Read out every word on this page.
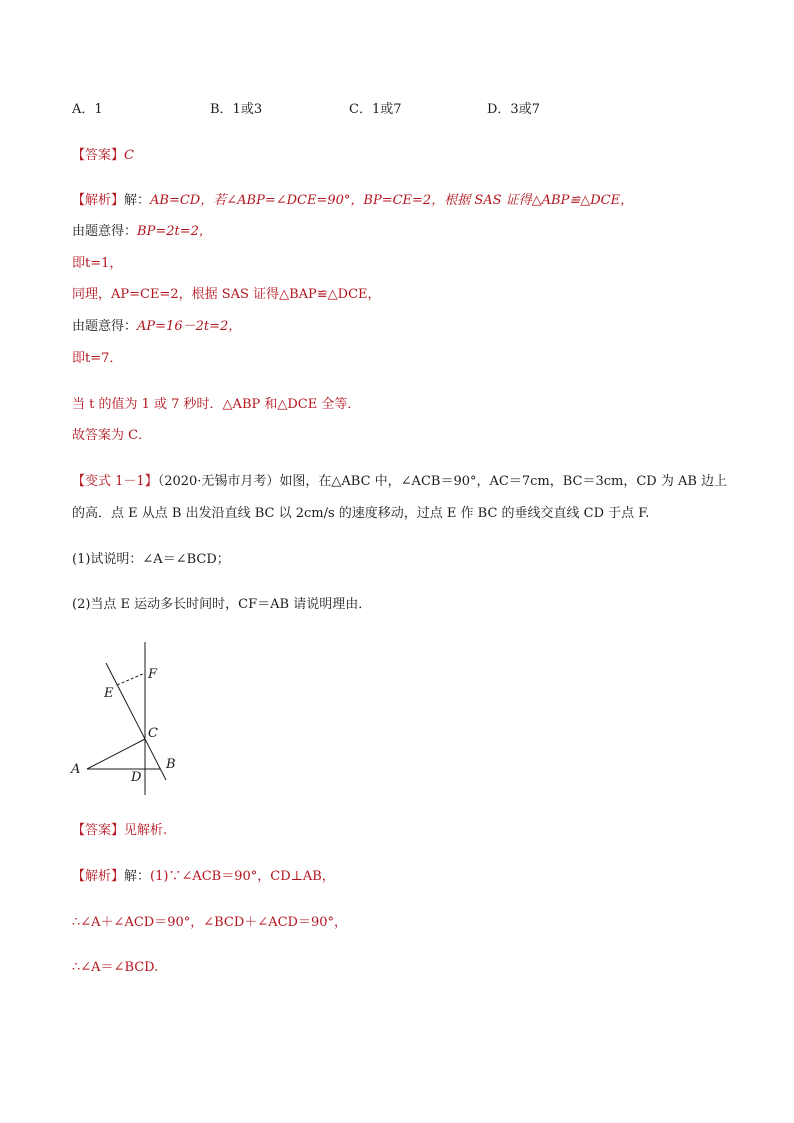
A．1	B．1或3	C．1或7	D．3或7
【答案】C
【解析】解：AB=CD，若∠ABP=∠DCE=90°，BP=CE=2，根据 SAS 证得△ABP≌△DCE，
由题意得：BP=2t=2，
即t=1，
同理，AP=CE=2，根据 SAS 证得△BAP≌△DCE，
由题意得：AP=16－2t=2，
即t=7．
当 t 的值为 1 或 7 秒时．△ABP 和△DCE 全等．
故答案为 C．
【变式 1－1】（2020·无锡市月考）如图，在△ABC 中，∠ACB＝90°，AC＝7cm，BC＝3cm，CD 为 AB 边上
的高．点 E 从点 B 出发沿直线 BC 以 2cm/s 的速度移动，过点 E 作 BC 的垂线交直线 CD 于点 F.
(1)试说明：∠A＝∠BCD；
(2)当点 E 运动多长时间时，CF＝AB 请说明理由．
F
E
C
A	B
D
【答案】见解析.
【解析】解：(1)∵∠ACB＝90°，CD⊥AB，
∴∠A＋∠ACD＝90°，∠BCD＋∠ACD＝90°，
∴∠A＝∠BCD.
